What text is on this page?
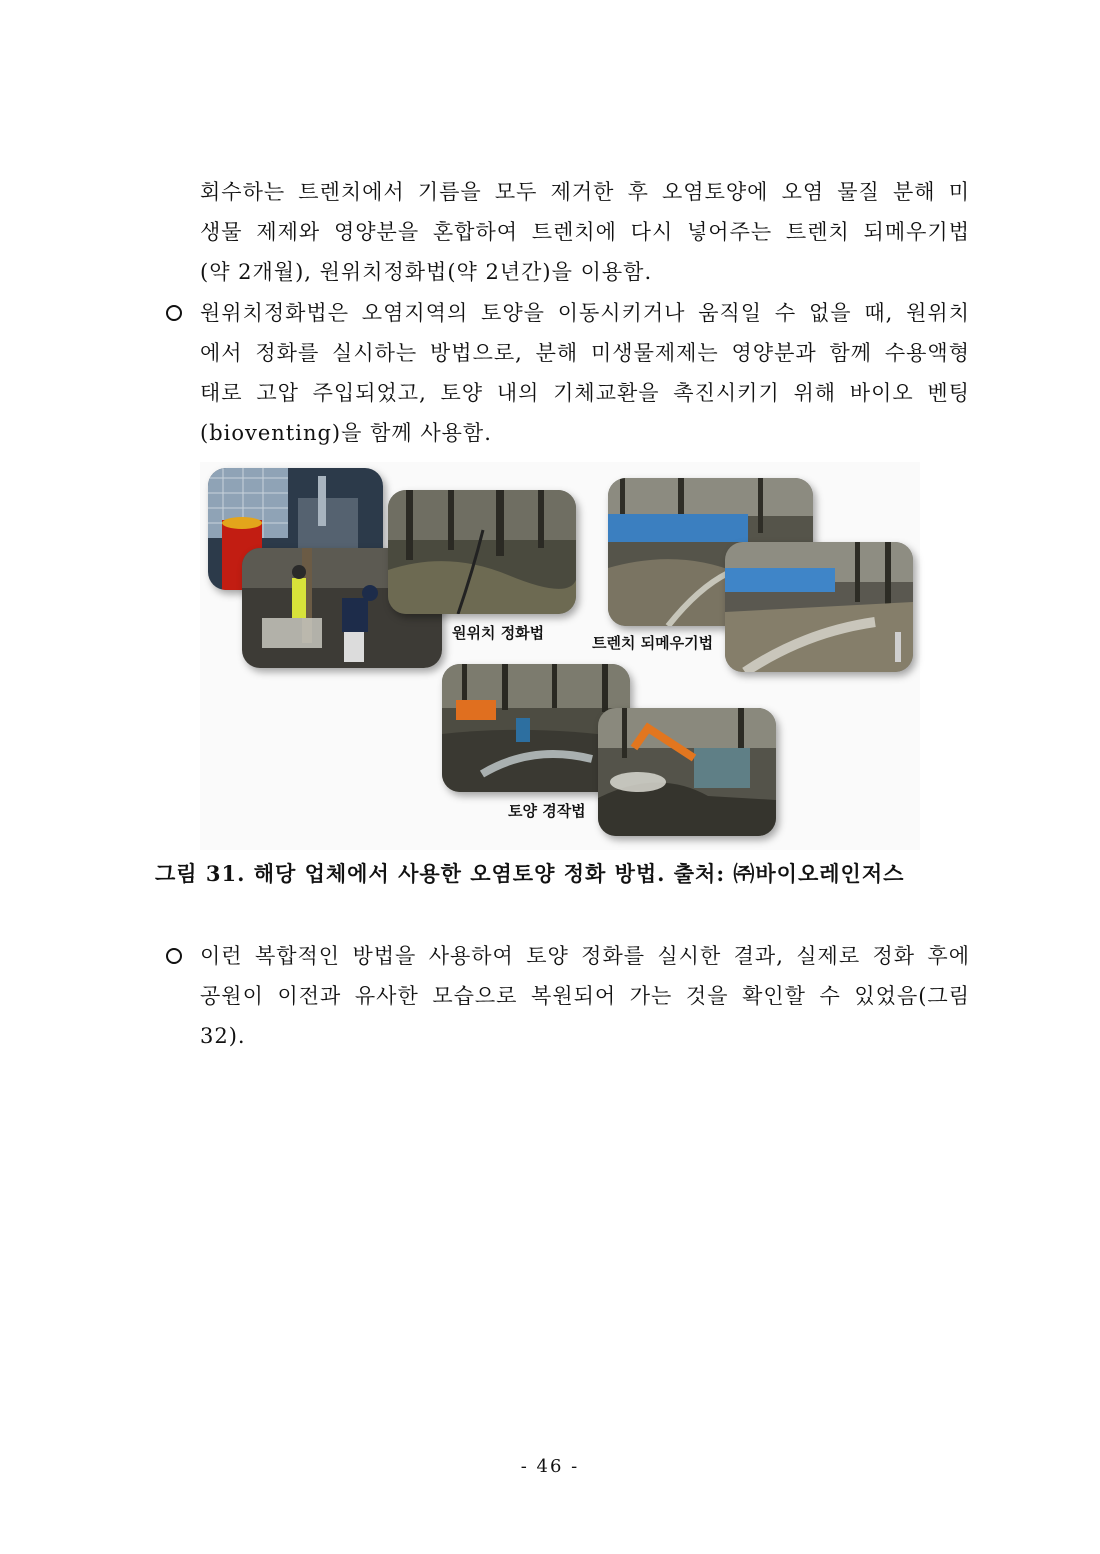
회수하는 트렌치에서 기름을 모두 제거한 후 오염토양에 오염 물질 분해 미
생물 제제와 영양분을 혼합하여 트렌치에 다시 넣어주는 트렌치 되메우기법
(약 2개월), 원위치정화법(약 2년간)을 이용함.
원위치정화법은 오염지역의 토양을 이동시키거나 움직일 수 없을 때, 원위치
에서 정화를 실시하는 방법으로, 분해 미생물제제는 영양분과 함께 수용액형
태로 고압 주입되었고, 토양 내의 기체교환을 촉진시키기 위해 바이오 벤팅
(bioventing)을 함께 사용함.
원위치 정화법
트렌치 되메우기법
토양 경작법
그림 31. 해당 업체에서 사용한 오염토양 정화 방법. 출처: ㈜바이오레인저스
이런 복합적인 방법을 사용하여 토양 정화를 실시한 결과, 실제로 정화 후에
공원이 이전과 유사한 모습으로 복원되어 가는 것을 확인할 수 있었음(그림
32).
- 46 -
